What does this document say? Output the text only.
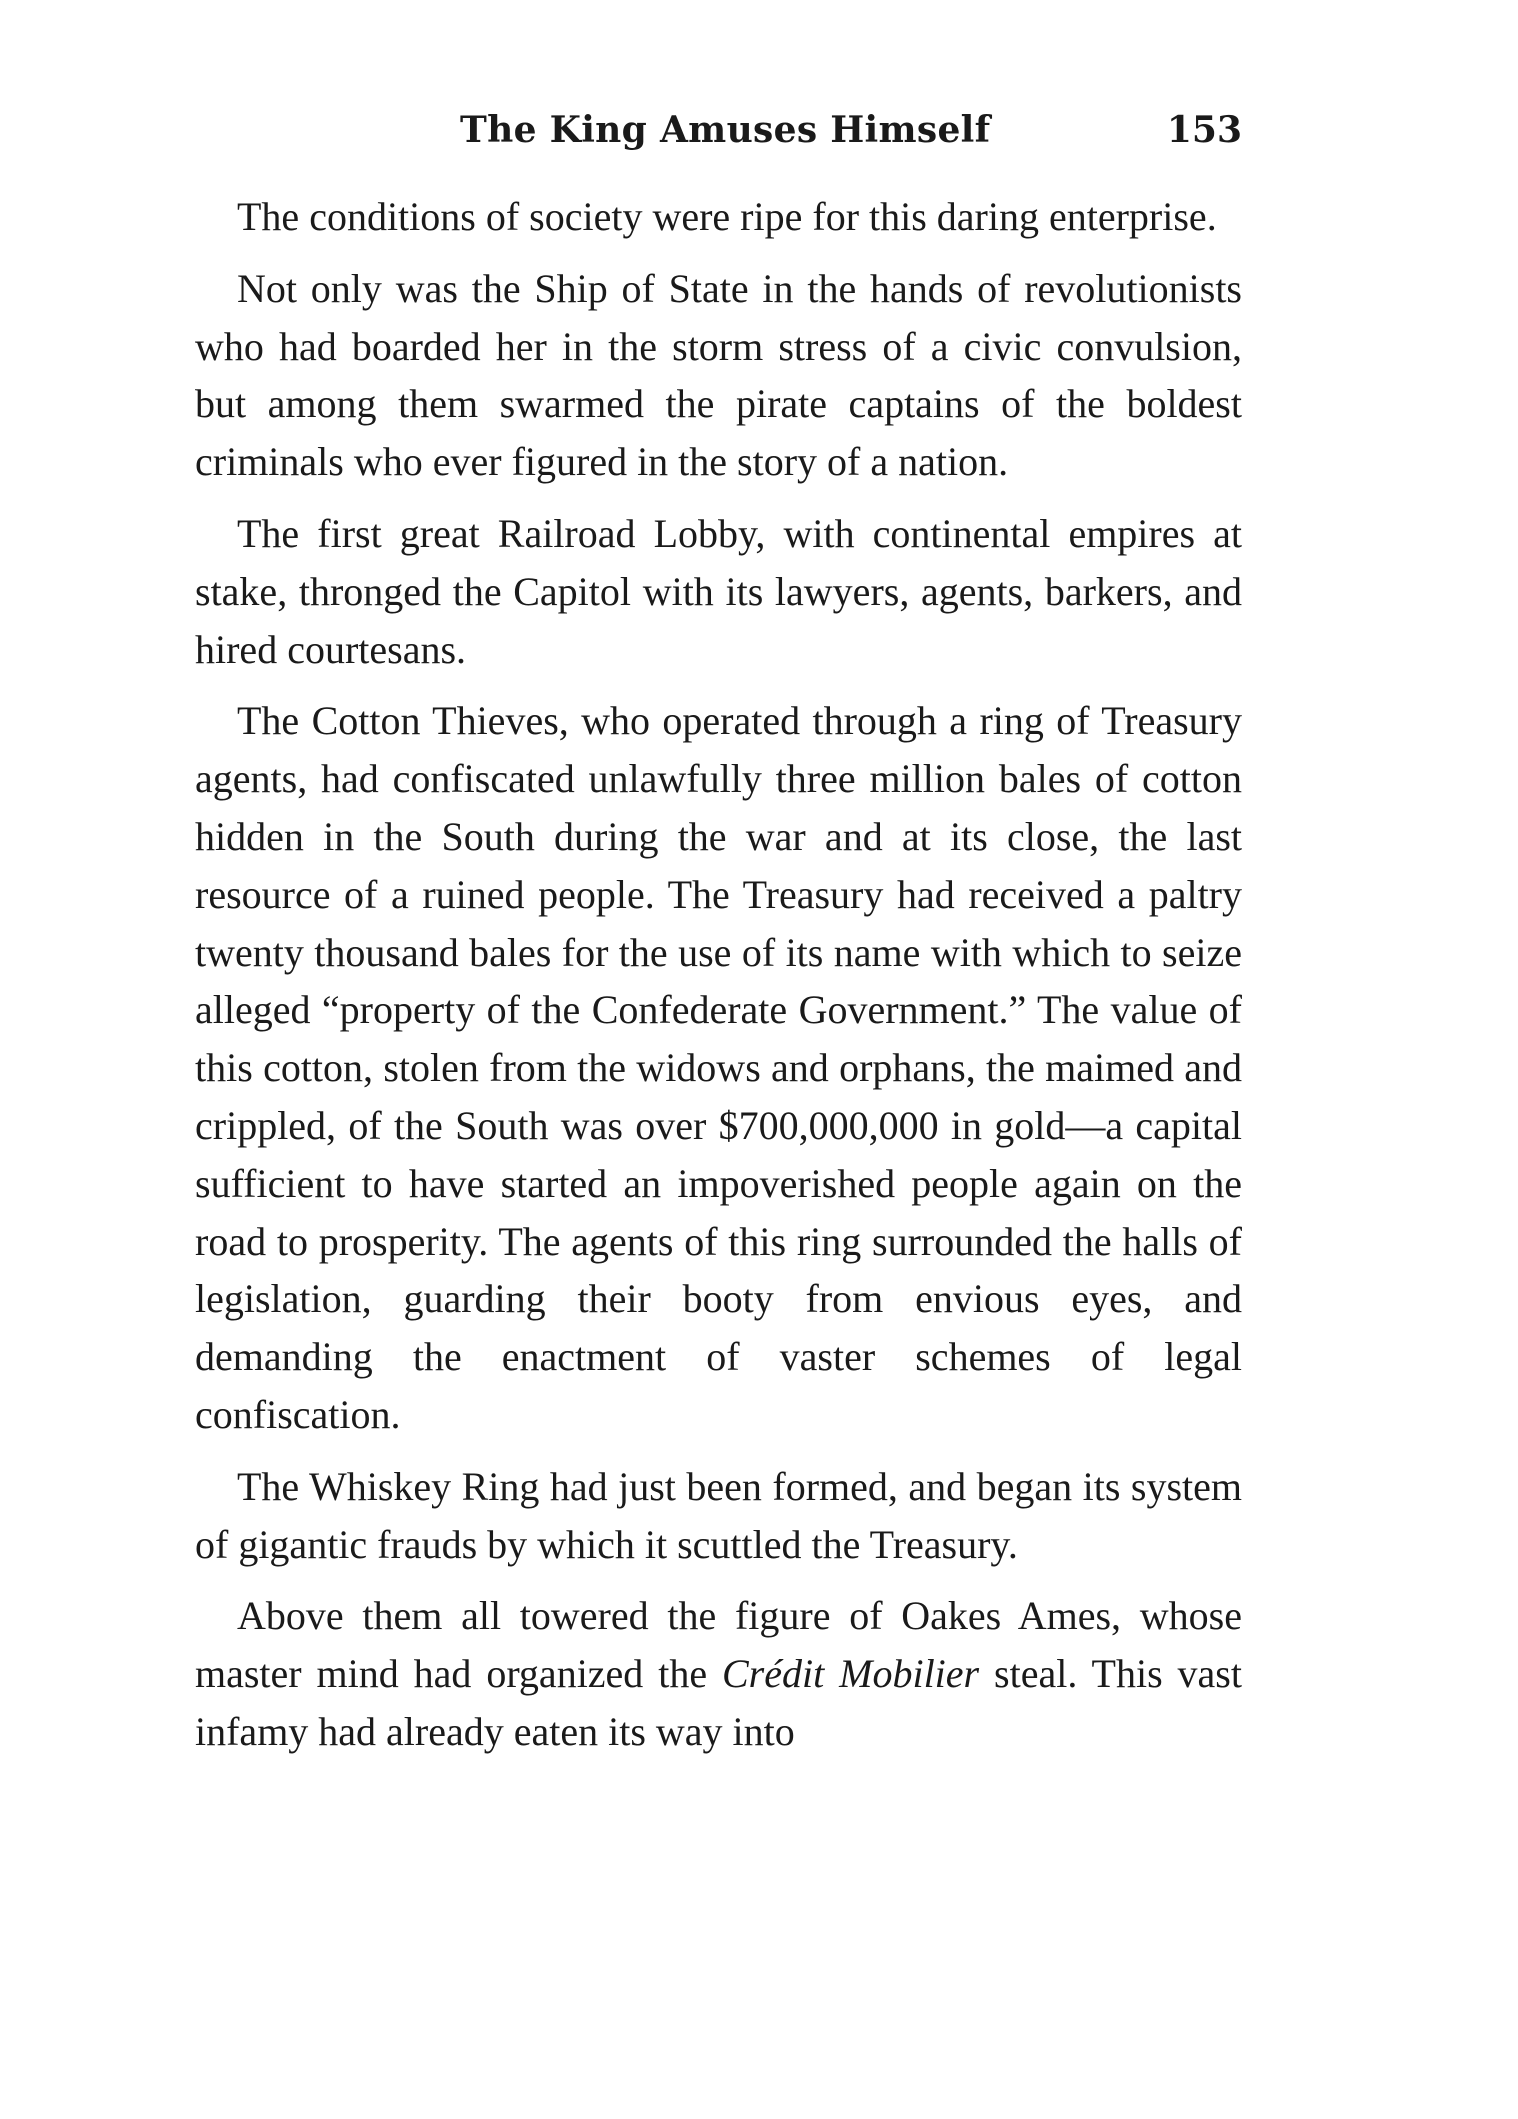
The King Amuses Himself	153

The conditions of society were ripe for this daring enterprise.

Not only was the Ship of State in the hands of revolutionists who had boarded her in the storm stress of a civic convulsion, but among them swarmed the pirate captains of the boldest criminals who ever figured in the story of a nation.

The first great Railroad Lobby, with continental empires at stake, thronged the Capitol with its lawyers, agents, barkers, and hired courtesans.

The Cotton Thieves, who operated through a ring of Treasury agents, had confiscated unlawfully three million bales of cotton hidden in the South during the war and at its close, the last resource of a ruined people. The Treasury had received a paltry twenty thousand bales for the use of its name with which to seize alleged “property of the Confederate Government.” The value of this cotton, stolen from the widows and orphans, the maimed and crippled, of the South was over $700,000,000 in gold—a capital sufficient to have started an impoverished people again on the road to prosperity. The agents of this ring surrounded the halls of legislation, guarding their booty from envious eyes, and demanding the enactment of vaster schemes of legal confiscation.

The Whiskey Ring had just been formed, and began its system of gigantic frauds by which it scuttled the Treasury.

Above them all towered the figure of Oakes Ames, whose master mind had organized the Crédit Mobilier steal. This vast infamy had already eaten its way into
